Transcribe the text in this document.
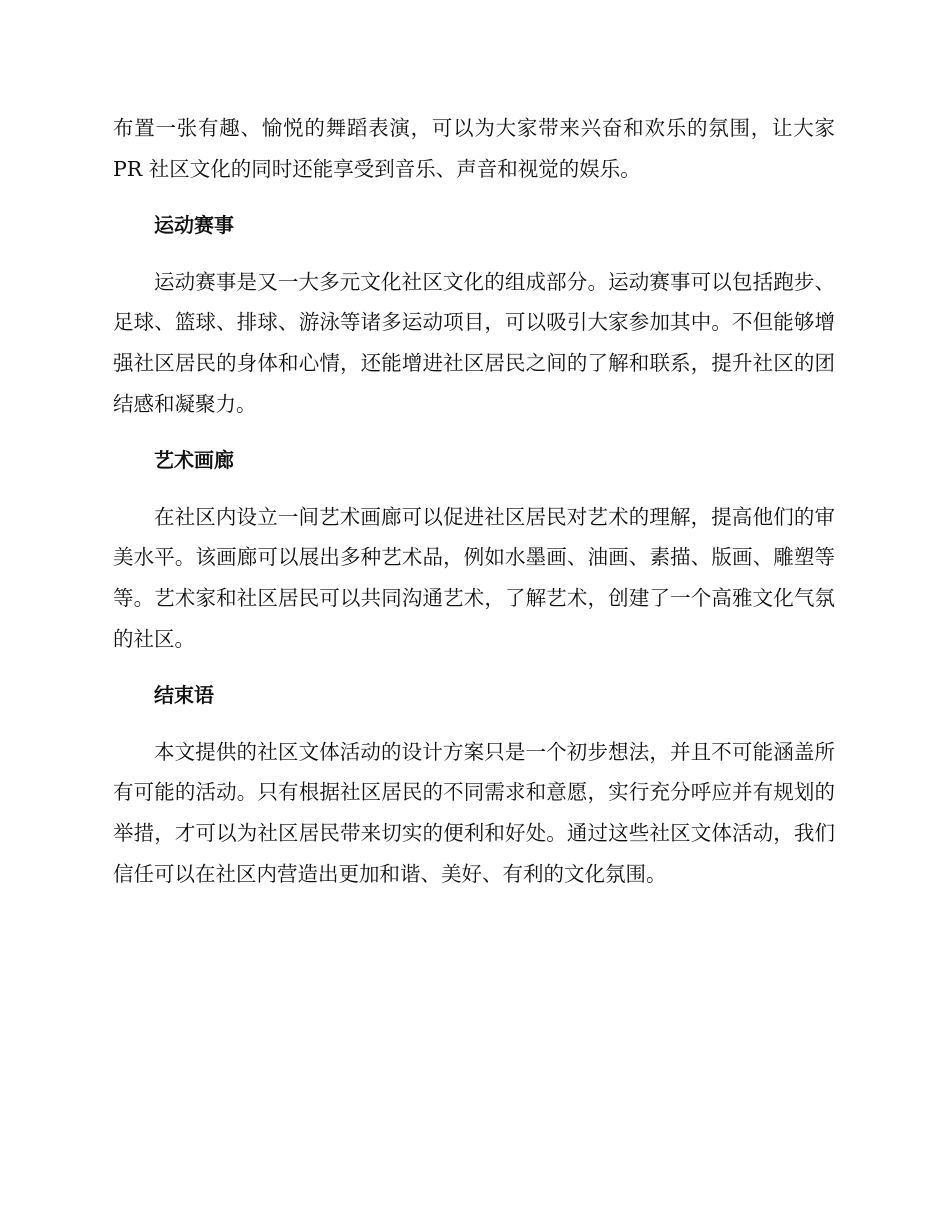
布置一张有趣、愉悦的舞蹈表演，可以为大家带来兴奋和欢乐的氛围，让大家 PR 社区文化的同时还能享受到音乐、声音和视觉的娱乐。

运动赛事

运动赛事是又一大多元文化社区文化的组成部分。运动赛事可以包括跑步、足球、篮球、排球、游泳等诸多运动项目，可以吸引大家参加其中。不但能够增强社区居民的身体和心情，还能增进社区居民之间的了解和联系，提升社区的团结感和凝聚力。

艺术画廊

在社区内设立一间艺术画廊可以促进社区居民对艺术的理解，提高他们的审美水平。该画廊可以展出多种艺术品，例如水墨画、油画、素描、版画、雕塑等等。艺术家和社区居民可以共同沟通艺术，了解艺术，创建了一个高雅文化气氛的社区。

结束语

本文提供的社区文体活动的设计方案只是一个初步想法，并且不可能涵盖所有可能的活动。只有根据社区居民的不同需求和意愿，实行充分呼应并有规划的举措，才可以为社区居民带来切实的便利和好处。通过这些社区文体活动，我们信任可以在社区内营造出更加和谐、美好、有利的文化氛围。
